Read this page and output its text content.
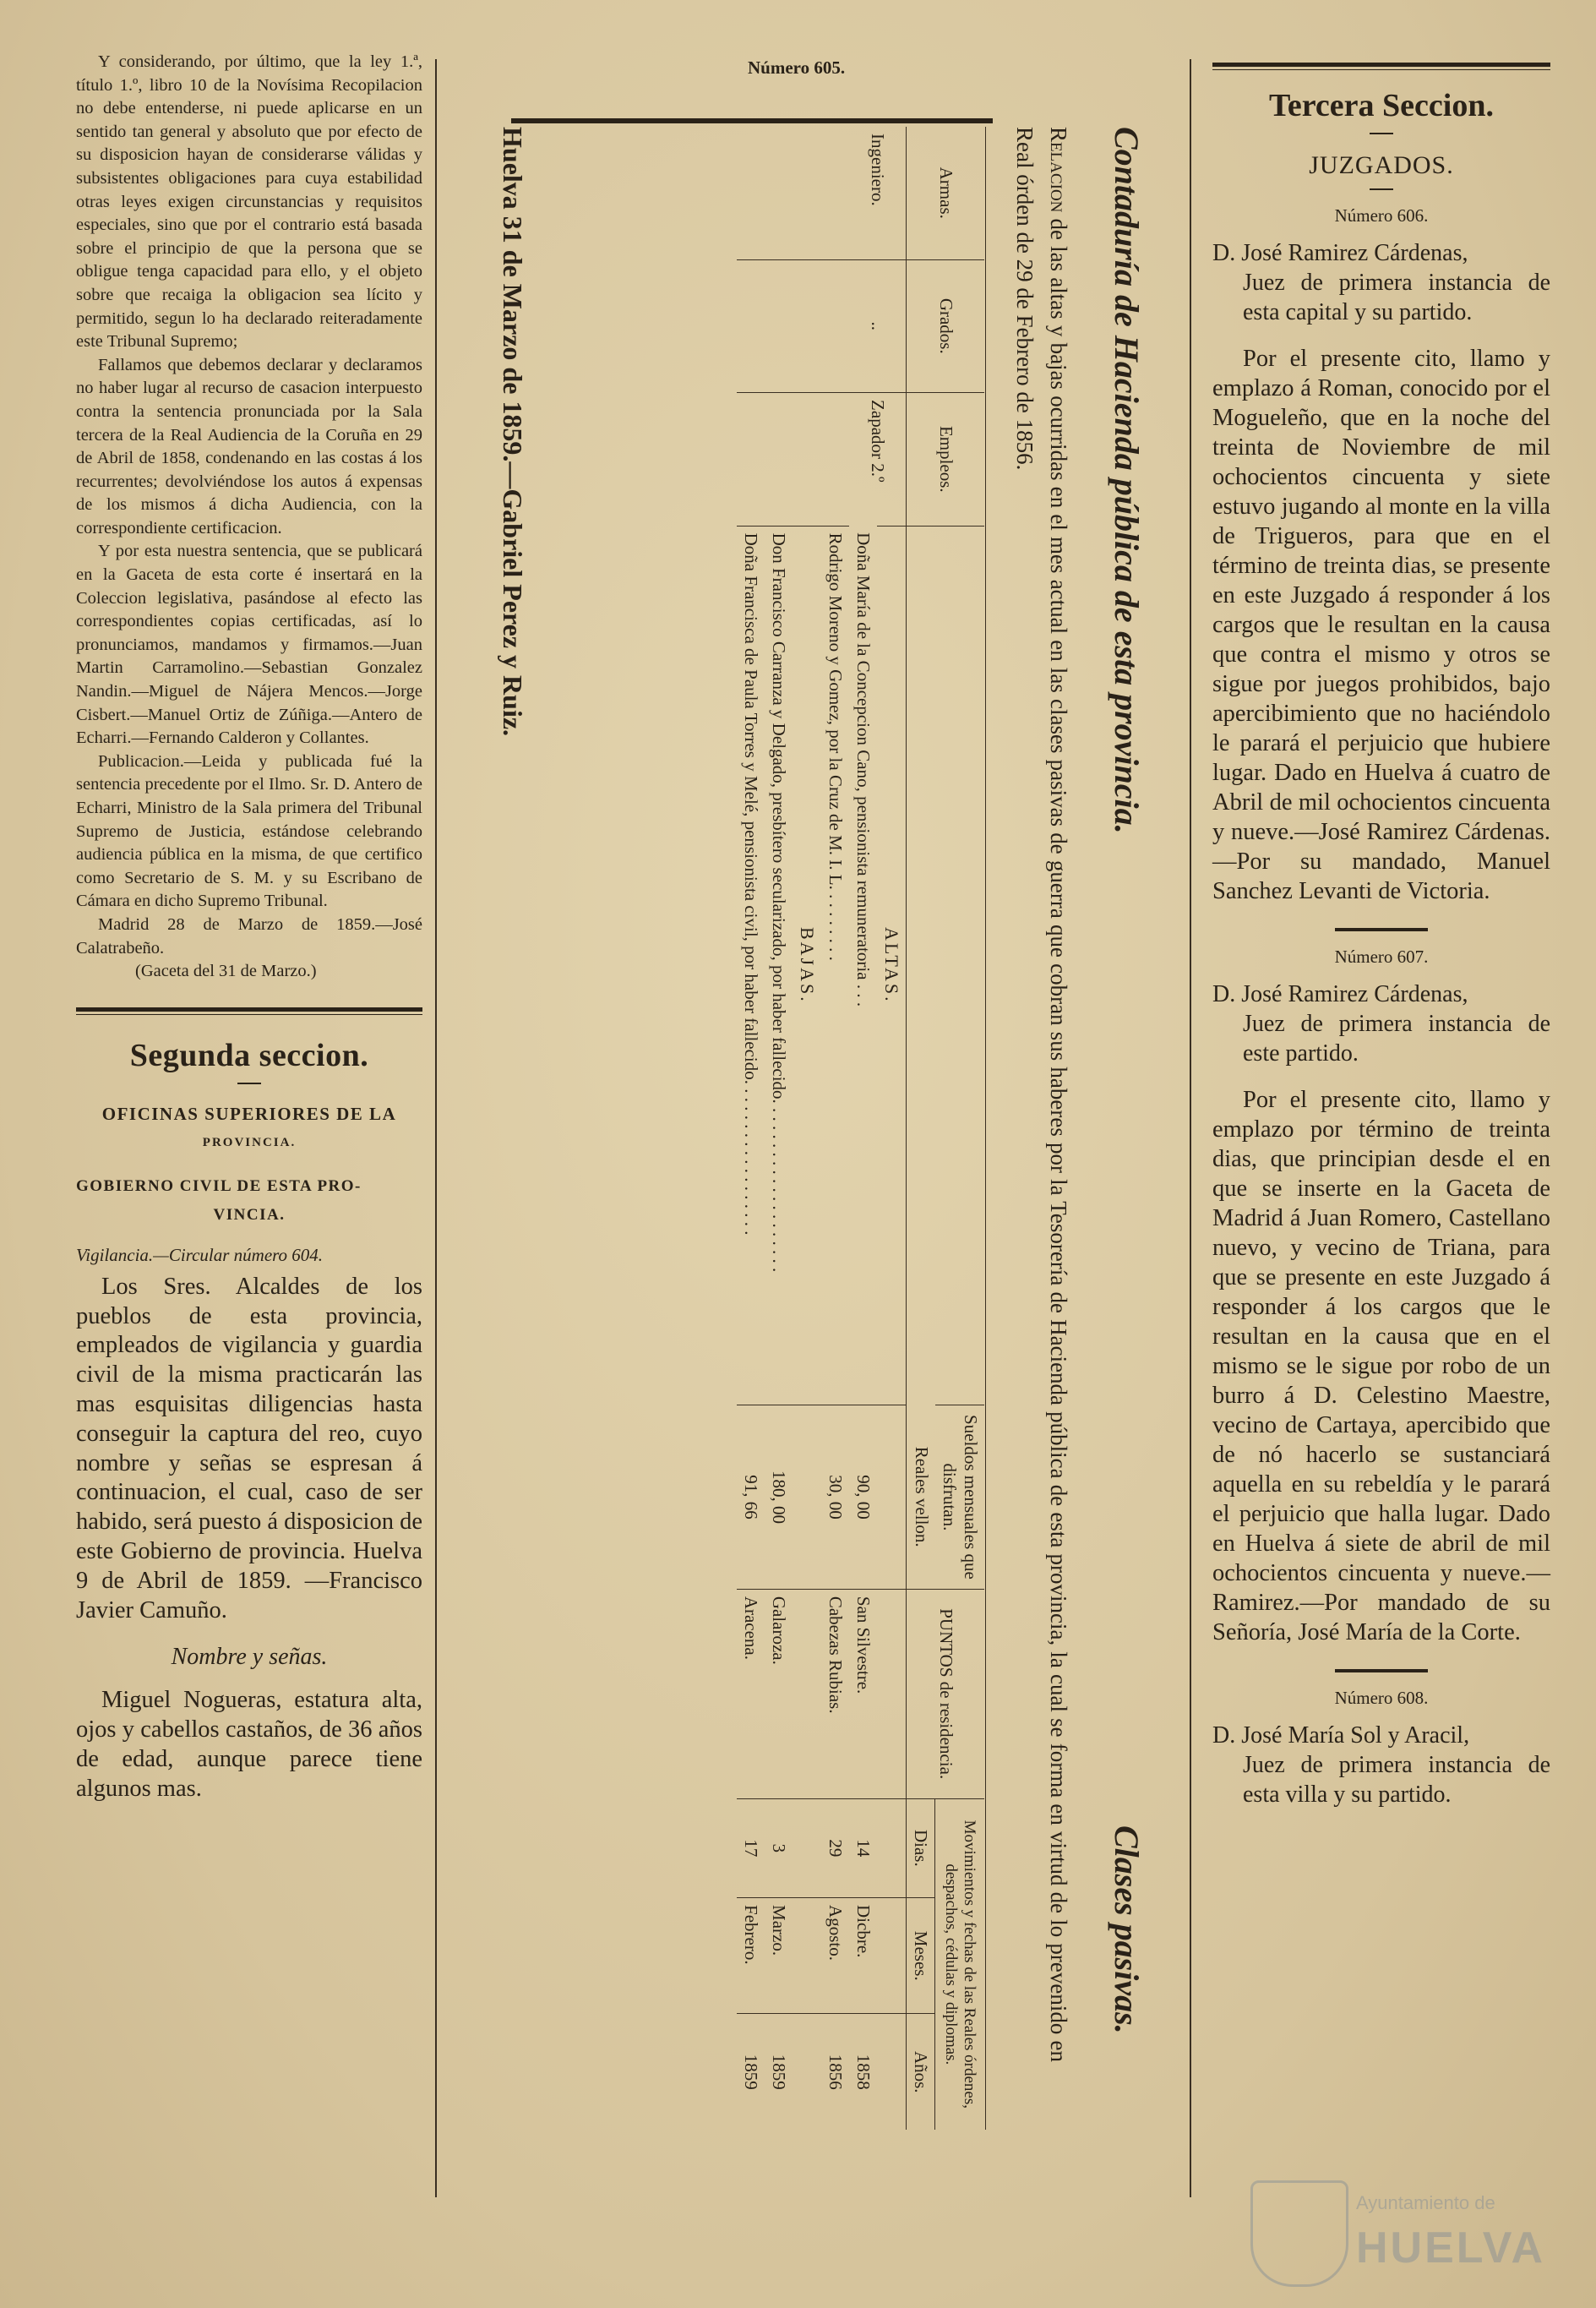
Y considerando, por último, que la ley 1.ª, título 1.º, libro 10 de la Novísima Recopilacion no debe entenderse, ni puede aplicarse en un sentido tan general y absoluto que por efecto de su disposicion hayan de considerarse válidas y subsistentes obligaciones para cuya estabilidad otras leyes exigen circunstancias y requisitos especiales, sino que por el contrario está basada sobre el principio de que la persona que se obligue tenga capacidad para ello, y el objeto sobre que recaiga la obligacion sea lícito y permitido, segun lo ha declarado reiteradamente este Tribunal Supremo;

Fallamos que debemos declarar y declaramos no haber lugar al recurso de casacion interpuesto contra la sentencia pronunciada por la Sala tercera de la Real Audiencia de la Coruña en 29 de Abril de 1858, condenando en las costas á los recurrentes; devolviéndose los autos á expensas de los mismos á dicha Audiencia, con la correspondiente certificacion.

Y por esta nuestra sentencia, que se publicará en la Gaceta de esta corte é insertará en la Coleccion legislativa, pasándose al efecto las correspondientes copias certificadas, así lo pronunciamos, mandamos y firmamos.—Juan Martin Carramolino.—Sebastian Gonzalez Nandin.—Miguel de Nájera Mencos.—Jorge Cisbert.—Manuel Ortiz de Zúñiga.—Antero de Echarri.—Fernando Calderon y Collantes.

Publicacion.—Leida y publicada fué la sentencia precedente por el Ilmo. Sr. D. Antero de Echarri, Ministro de la Sala primera del Tribunal Supremo de Justicia, estándose celebrando audiencia pública en la misma, de que certifico como Secretario de S. M. y su Escribano de Cámara en dicho Supremo Tribunal.

Madrid 28 de Marzo de 1859.—José Calatrabeño.

(Gaceta del 31 de Marzo.)

Segunda seccion.

OFICINAS SUPERIORES DE LA

PROVINCIA.

GOBIERNO CIVIL DE ESTA PRO-
VINCIA.

Vigilancia.—Circular número 604.

Los Sres. Alcaldes de los pueblos de esta provincia, empleados de vigilancia y guardia civil de la misma practicarán las mas esquisitas diligencias hasta conseguir la captura del reo, cuyo nombre y señas se espresan á continuacion, el cual, caso de ser habido, será puesto á disposicion de este Gobierno de provincia. Huelva 9 de Abril de 1859. —Francisco Javier Camuño.

Nombre y señas.

Miguel Nogueras, estatura alta, ojos y cabellos castaños, de 36 años de edad, aunque parece tiene algunos mas.

Número 605.
Contaduría de Hacienda pública de esta provincia.
Clases pasivas.
Relacion de las altas y bajas ocurridas en el mes actual en las clases pasivas de guerra que cobran sus haberes por la Tesorería de Hacienda pública de esta provincia, la cual se forma en virtud de lo prevenido en Real órden de 29 de Febrero de 1856.
Armas.	Grados.	Empleos.		Sueldos mensuales que disfrutan.	PUNTOS de residencia.	Movimientos y fechas de las Reales órdenes, despachos, cédulas y diplomas.		
				Reales vellon.		Dias.	Meses.	Años.
Ingeniero.	..	Zapador 2.º	ALTAS.					
			Doña María de la Concepcion Cano, pensionista remuneratoria . . .	90, 00	San Silvestre.	14	Dicbre.	1858
			Rodrigo Moreno y Gomez, por la Cruz de M. I. L. . . . . . . . .	30, 00	Cabezas Rubias.	29	Agosto.	1856
			BAJAS.					
			Don Francisco Carranza y Delgado, presbítero secularizado, por haber fallecido. . . . . . . . . . . . . . . . . . . .	180, 00	Galaroza.	3	Marzo.	1859
			Doña Francisca de Paula Torres y Melé, pensionista civil, por haber fallecido. . . . . . . . . . . . . . . . . .	91, 66	Aracena.	17	Febrero.	1859
Huelva 31 de Marzo de 1859.—Gabriel Perez y Ruiz.
Tercera Seccion.

JUZGADOS.

Número 606.

D. José Ramirez Cárdenas,
Juez de primera instancia de esta capital y su partido.

Por el presente cito, llamo y emplazo á Roman, conocido por el Mogueleño, que en la noche del treinta de Noviembre de mil ochocientos cincuenta y siete estuvo jugando al monte en la villa de Trigueros, para que en el término de treinta dias, se presente en este Juzgado á responder á los cargos que le resultan en la causa que contra el mismo y otros se sigue por juegos prohibidos, bajo apercibimiento que no haciéndolo le parará el perjuicio que hubiere lugar. Dado en Huelva á cuatro de Abril de mil ochocientos cincuenta y nueve.—José Ramirez Cárdenas.—Por su mandado, Manuel Sanchez Levanti de Victoria.

Número 607.

D. José Ramirez Cárdenas,
Juez de primera instancia de este partido.

Por el presente cito, llamo y emplazo por término de treinta dias, que principian desde el en que se inserte en la Gaceta de Madrid á Juan Romero, Castellano nuevo, y vecino de Triana, para que se presente en este Juzgado á responder á los cargos que le resultan en la causa que en el mismo se le sigue por robo de un burro á D. Celestino Maestre, vecino de Cartaya, apercibido que de nó hacerlo se sustanciará aquella en su rebeldía y le parará el perjuicio que halla lugar. Dado en Huelva á siete de abril de mil ochocientos cincuenta y nueve.—Ramirez.—Por mandado de su Señoría, José María de la Corte.

Número 608.

D. José María Sol y Aracil,
Juez de primera instancia de esta villa y su partido.

Ayuntamiento de
HUELVA
